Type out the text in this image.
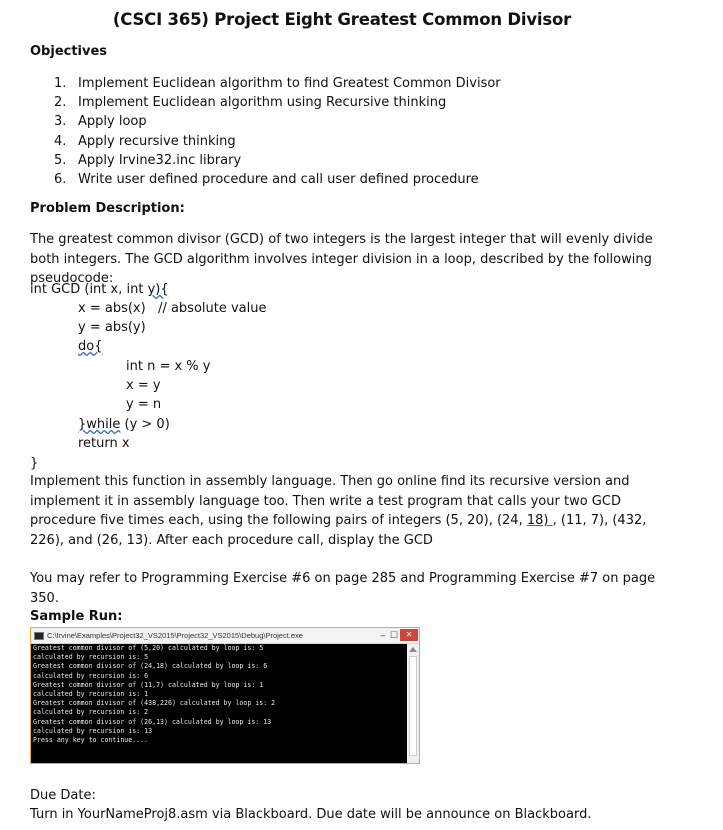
(CSCI 365) Project Eight Greatest Common Divisor
Objectives
1. Implement Euclidean algorithm to find Greatest Common Divisor
2. Implement Euclidean algorithm using Recursive thinking
3. Apply loop
4. Apply recursive thinking
5. Apply Irvine32.inc library
6. Write user defined procedure and call user defined procedure
Problem Description:
The greatest common divisor (GCD) of two integers is the largest integer that will evenly divide both integers. The GCD algorithm involves integer division in a loop, described by the following pseudocode:
int GCD (int x, int y){
x = abs(x)   // absolute value
y = abs(y)
do{
int n = x % y
x = y
y = n
}while (y > 0)
return x
}
Implement this function in assembly language. Then go online find its recursive version and implement it in assembly language too. Then write a test program that calls your two GCD procedure five times each, using the following pairs of integers (5, 20), (24, 18) , (11, 7), (432, 226), and (26, 13). After each procedure call, display the GCD
You may refer to Programming Exercise #6 on page 285 and Programming Exercise #7 on page 350.
Sample Run:
C:\Irvine\Examples\Project32_VS2015\Project32_VS2015\Debug\Project.exe	– ☐ ✕
Greatest common divisor of (5,20) calculated by loop is: 5
calculated by recursion is: 5
Greatest common divisor of (24,18) calculated by loop is: 6
calculated by recursion is: 6
Greatest common divisor of (11,7) calculated by loop is: 1
calculated by recursion is: 1
Greatest common divisor of (438,226) calculated by loop is: 2
calculated by recursion is: 2
Greatest common divisor of (26,13) calculated by loop is: 13
calculated by recursion is: 13
Press any key to continue....
Due Date:
Turn in YourNameProj8.asm via Blackboard. Due date will be announce on Blackboard.
